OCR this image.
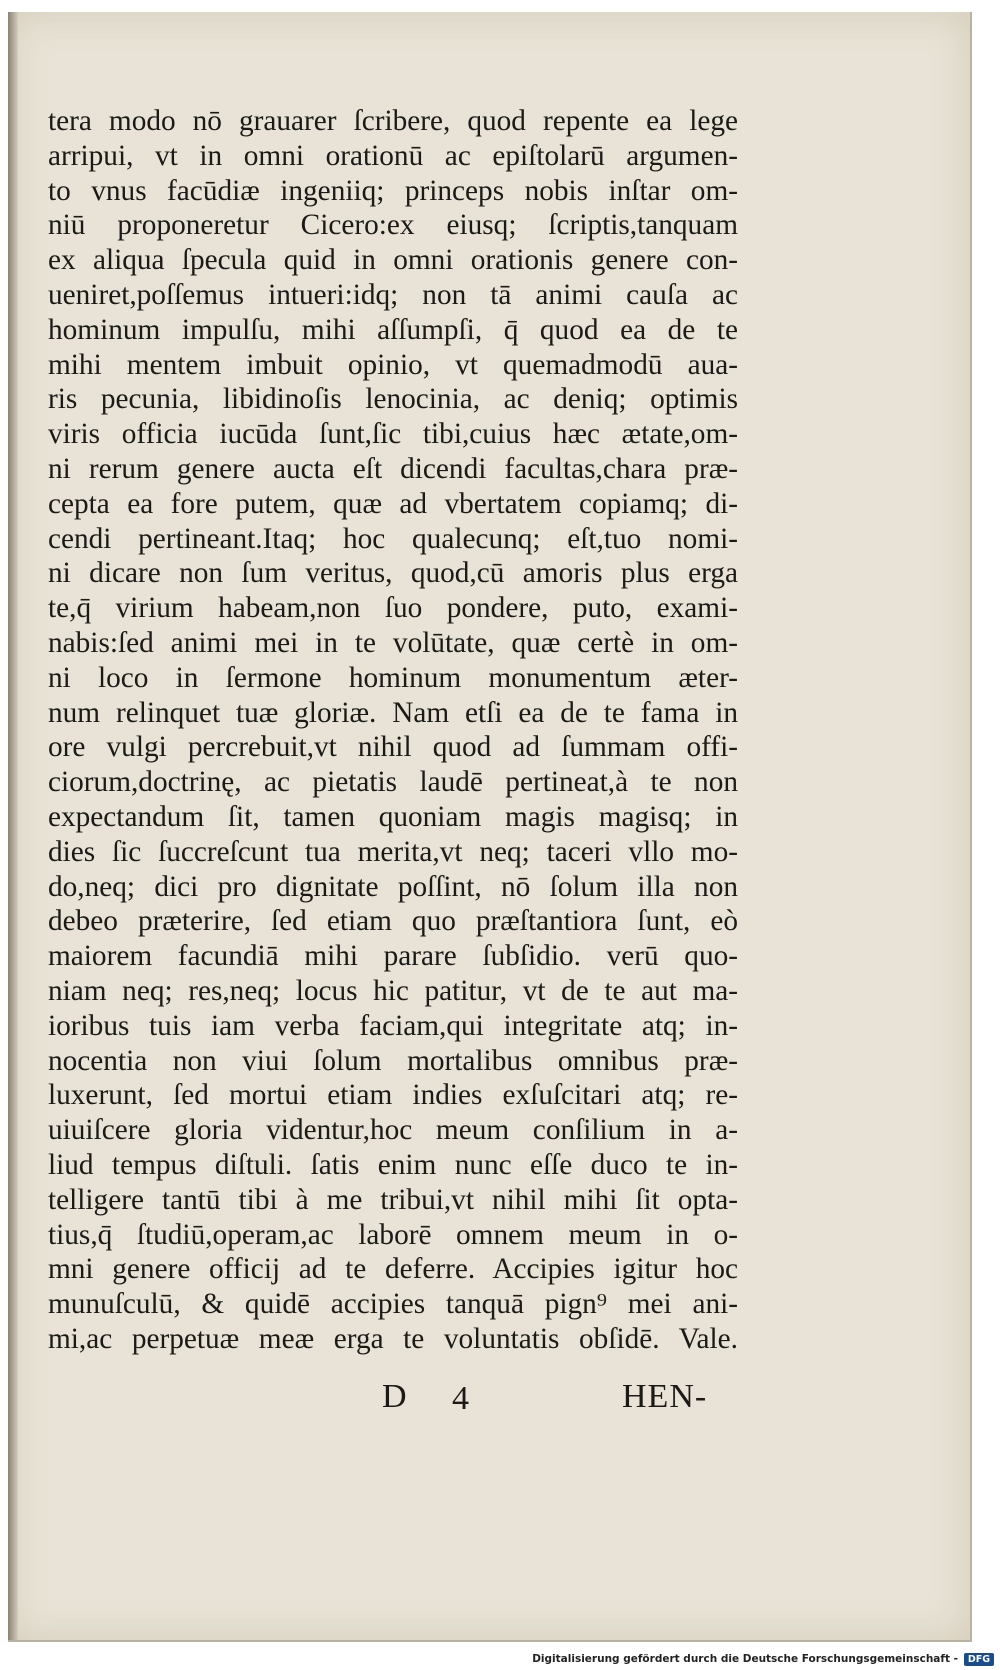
tera modo nō grauarer ſcribere, quod repente ea lege
arripui, vt in omni orationū ac epiſtolarū argumen-
to vnus facūdiæ ingeniiq; princeps nobis inſtar om-
niū proponeretur Cicero:ex eiusq; ſcriptis,tanquam
ex aliqua ſpecula quid in omni orationis genere con-
ueniret,poſſemus intueri:idq; non tā animi cauſa ac
hominum impulſu, mihi aſſumpſi, q̄ quod ea de te
mihi mentem imbuit opinio, vt quemadmodū aua-
ris pecunia, libidinoſis lenocinia, ac deniq; optimis
viris officia iucūda ſunt,ſic tibi,cuius hæc ætate,om-
ni rerum genere aucta eſt dicendi facultas,chara præ-
cepta ea fore putem, quæ ad vbertatem copiamq; di-
cendi pertineant.Itaq; hoc qualecunq; eſt,tuo nomi-
ni dicare non ſum veritus, quod,cū amoris plus erga
te,q̄ virium habeam,non ſuo pondere, puto, exami-
nabis:ſed animi mei in te volūtate, quæ certè in om-
ni loco in ſermone hominum monumentum æter-
num relinquet tuæ gloriæ. Nam etſi ea de te fama in
ore vulgi percrebuit,vt nihil quod ad ſummam offi-
ciorum,doctrinę, ac pietatis laudē pertineat,à te non
expectandum ſit, tamen quoniam magis magisq; in
dies ſic ſuccreſcunt tua merita,vt neq; taceri vllo mo-
do,neq; dici pro dignitate poſſint, nō ſolum illa non
debeo præterire, ſed etiam quo præſtantiora ſunt, eò
maiorem facundiā mihi parare ſubſidio. verū quo-
niam neq; res,neq; locus hic patitur, vt de te aut ma-
ioribus tuis iam verba faciam,qui integritate atq; in-
nocentia non viui ſolum mortalibus omnibus præ-
luxerunt, ſed mortui etiam indies exſuſcitari atq; re-
uiuiſcere gloria videntur,hoc meum conſilium in a-
liud tempus diſtuli. ſatis enim nunc eſſe duco te in-
telligere tantū tibi à me tribui,vt nihil mihi ſit opta-
tius,q̄ ſtudiū,operam,ac laborē omnem meum in o-
mni genere officij ad te deferre. Accipies igitur hoc
munuſculū, & quidē accipies tanquā pign⁹ mei ani-
mi,ac perpetuæ meæ erga te voluntatis obſidē. Vale.
D 4	HEN-
Digitalisierung gefördert durch die Deutsche Forschungsgemeinschaft -	DFG
